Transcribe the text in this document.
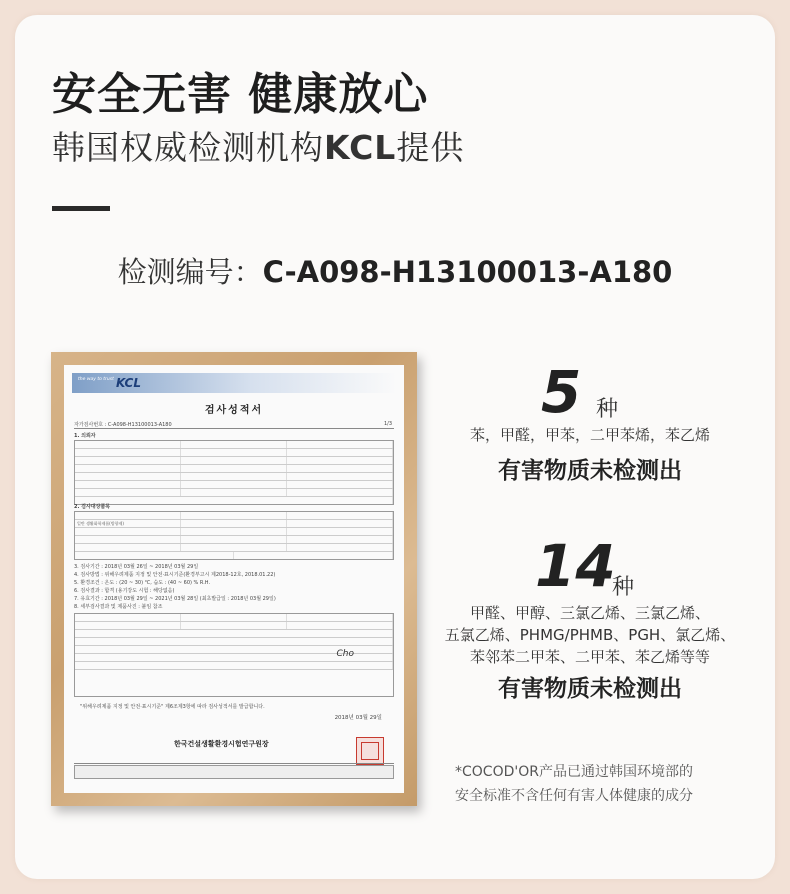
安全无害 健康放心
韩国权威检测机构KCL提供
检测编号：C-A098-H13100013-A180
the way to trust KCL
검사성적서
자가검사번호 : C-A098-H13100013-A180	1/3
1. 의뢰자
2. 검사대상품목
일반 생활화학제품(방향제)
3. 검사기간 : 2018년 03월 26일 ~ 2018년 03월 29일
4. 검사방법 : 위해우려제품 지정 및 안전·표시기준(환경부고시 제2018-12호, 2018.01.22)
5. 환경조건 : 온도 : (20 ~ 30) ℃, 습도 : (40 ~ 60) % R.H.
6. 검사결과 : 합격 (용기강도 시험 : 해당없음)
7. 유효기간 : 2018년 03월 29일 ~ 2021년 03월 28일 (최초발급일 : 2018년 03월 29일)
8. 세부검사결과 및 제품사진 : 붙임 참조
Cho
"위해우려제품 지정 및 안전·표시기준" 제6조제3항에 따라 검사성적서를 발급합니다.
2018년 03월 29일
한국건설생활환경시험연구원장
5 种
苯，甲醛，甲苯，二甲苯烯，苯乙烯
有害物质未检测出
14
种
甲醛、甲醇、三氯乙烯、三氯乙烯、
五氯乙烯、PHMG/PHMB、PGH、氯乙烯、
苯邻苯二甲苯、二甲苯、苯乙烯等等
有害物质未检测出
*COCOD'OR产品已通过韩国环境部的
安全标准不含任何有害人体健康的成分
